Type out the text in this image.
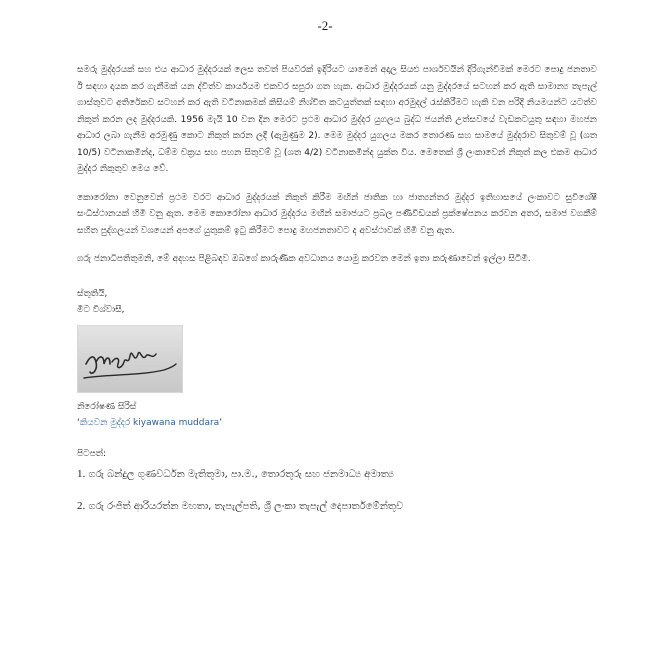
-2-

සමරු මුද්දරයක් සහ එය ආධාර මුද්දරයක් ලෙස තවත් පියවරක් ඉදිරියට යාමෙන් අදාල සියළු පාර්ශවයින් දිරිගැන්වීමක් මෙරට පොදු ජනතාව ඊ සඳහා දායක කර ගැනීමක් යන ද්විත්ව කාර්යයම එකවර සපුරා ගත හැක. ආධාර මුද්දරයක් යනු මුද්දරයේ සටහන් කර ඇති සාමාන්‍ය තැපැල් ගාස්තුවට අතිරේකව සටහන් කර ඇති වටිනාකමක් කිසියම් නිශ්චිත කටයුත්තක් සඳහා අරමුදල් රැස්කිරීමට හැකි වන පරිදි නියමයන්ට යටත්ව නිකුත් කරන ලද මුද්දරයකි. 1956 මැයි 10 වන දින මෙරට ප්‍රථම ආධාර මුද්දර යුගලය බුද්ධ ජයන්ති උත්සවයේ වැඩකටයුතු සඳහා මහජන ආධාර ලබා ගැනීම අරමුණු කොට නිකුත් කරන ලදී (ඇමුණුම 2). මෙම මුද්දර යුගලය මකර තොරණ සහ සාමයේ මුද්දරාව සිතුවම් වූ (ශත 10/5) වටිනාකමින්ද, ධම්ම චක්‍රය සහ පහන සිතුවම් වූ (ශත 4/2) වටිනාකමින්ද යුක්ත විය. මෙතෙක් ශ්‍රී ලංකාවෙන් නිකුත් කල එකම ආධාර මුද්දර නිකුතුව මෙය වේ.

කොරෝනා වෙනුවෙන් ප්‍රථම වරට ආධාර මුද්දරයක් නිකුත් කිරීම මඟින් ජාතික හා ජාත්‍යන්තර මුද්දර ඉතිහාසයේ ලංකාවට සුවිශේෂී සංධිස්ථානයක් හිමි වනු ඇත. මෙම කොරෝනා ආධාර මුද්දරය මඟින් සමාජයට ප්‍රබල පණිවිඩයක් ප්‍රක්ෂේපනය කරවන අතර, සමාජ වගකීම් සහිත පුද්ගලයන් වශයෙන් අපගේ යුතුකම් ඉටු කිරීමට පොදු මහජනතාවට ද අවස්ථාවක් හිමි වනු ඇත.

ගරු ජනාධිපතිතුමනි, මේ අදහස පිළිබඳව ඔබගේ කාරුණික අවධානය යොමු කරවන මෙන් ඉතා කරුණාවෙන් ඉල්ලා සිටිමි.

ස්තුතියි,

මීට විශ්වාසී,

නිරෝෂණ සිරිස්

‘කියවන මුද්දර kiyawana muddara’

පිටපත්:

1. ගරු බන්දුල ගුණවර්ධන මැතිතුමා, පා.ම., තොරතුරු සහ ජනමාධ්‍ය අමාත්‍ය

2. ගරු රංජිත් ආරියරත්න මහතා, තැපැල්පති, ශ්‍රී ලංකා තැපැල් දෙපාර්තමේන්තුව
